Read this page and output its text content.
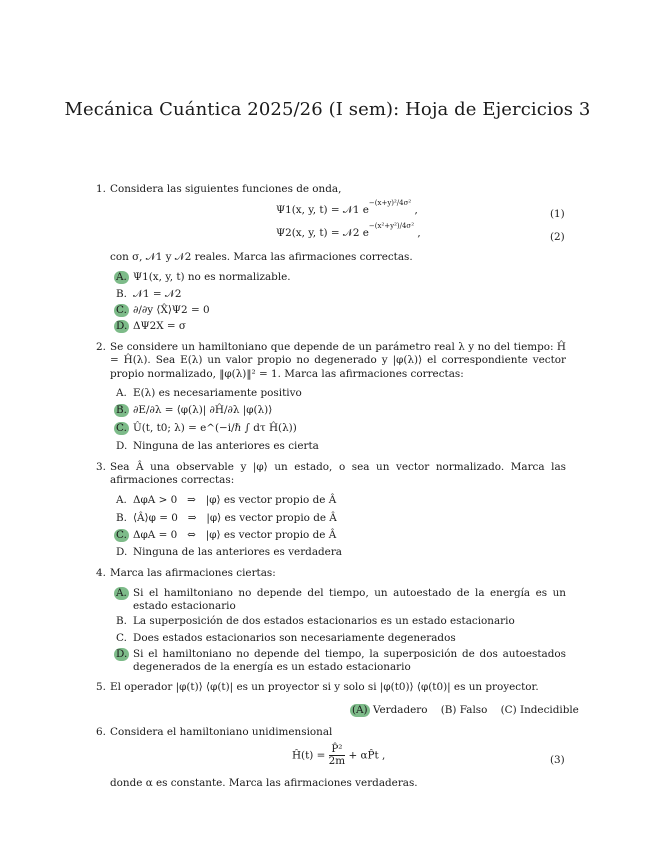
Mecánica Cuántica 2025/26 (I sem): Hoja de Ejercicios 3
1. Considera las siguientes funciones de onda,
Ψ1(x, y, t) = 𝒩1 $e^{-(x+y)^2/4\sigma^2}$ ,	(1)
Ψ2(x, y, t) = 𝒩2 $e^{-(x^2+y^2)/4\sigma^2}$ ,	(2)
con σ, 𝒩1 y 𝒩2 reales. Marca las afirmaciones correctas.
A. Ψ1(x, y, t) no es normalizable.
B. 𝒩1 = 𝒩2
C. ∂/∂y ⟨X̂⟩Ψ2 = 0
D. ΔΨ2X = σ
2. Se considere un hamiltoniano que depende de un parámetro real λ y no del tiempo: Ĥ = Ĥ(λ). Sea E(λ) un valor propio no degenerado y |φ(λ)⟩ el correspondiente vector propio normalizado, ‖φ(λ)‖² = 1. Marca las afirmaciones correctas:
A. E(λ) es necesariamente positivo
B. ∂E/∂λ = ⟨φ(λ)| ∂Ĥ/∂λ |φ(λ)⟩
C. Û(t, t0; λ) = e^(−i/ℏ ∫ dτ Ĥ(λ))
D. Ninguna de las anteriores es cierta
3. Sea Â una observable y |φ⟩ un estado, o sea un vector normalizado. Marca las afirmaciones correctas:
A. ΔφA > 0   ⇒   |φ⟩ es vector propio de Â
B. ⟨Â⟩φ = 0   ⇒   |φ⟩ es vector propio de Â
C. ΔφA = 0   ⇔   |φ⟩ es vector propio de Â
D. Ninguna de las anteriores es verdadera
4. Marca las afirmaciones ciertas:
A. Si el hamiltoniano no depende del tiempo, un autoestado de la energía es un estado estacionario
B. La superposición de dos estados estacionarios es un estado estacionario
C. Does estados estacionarios son necesariamente degenerados
D. Si el hamiltoniano no depende del tiempo, la superposición de dos autoestados degenerados de la energía es un estado estacionario
5. El operador |φ(t)⟩ ⟨φ(t)| es un proyector si y solo si |φ(t0)⟩ ⟨φ(t0)| es un proyector.
(A) Verdadero (B) Falso (C) Indecidible
6. Considera el hamiltoniano unidimensional
Ĥ(t) = $\frac{\text{P̂²}}{2m}$ + αP̂t ,	(3)
donde α es constante. Marca las afirmaciones verdaderas.
